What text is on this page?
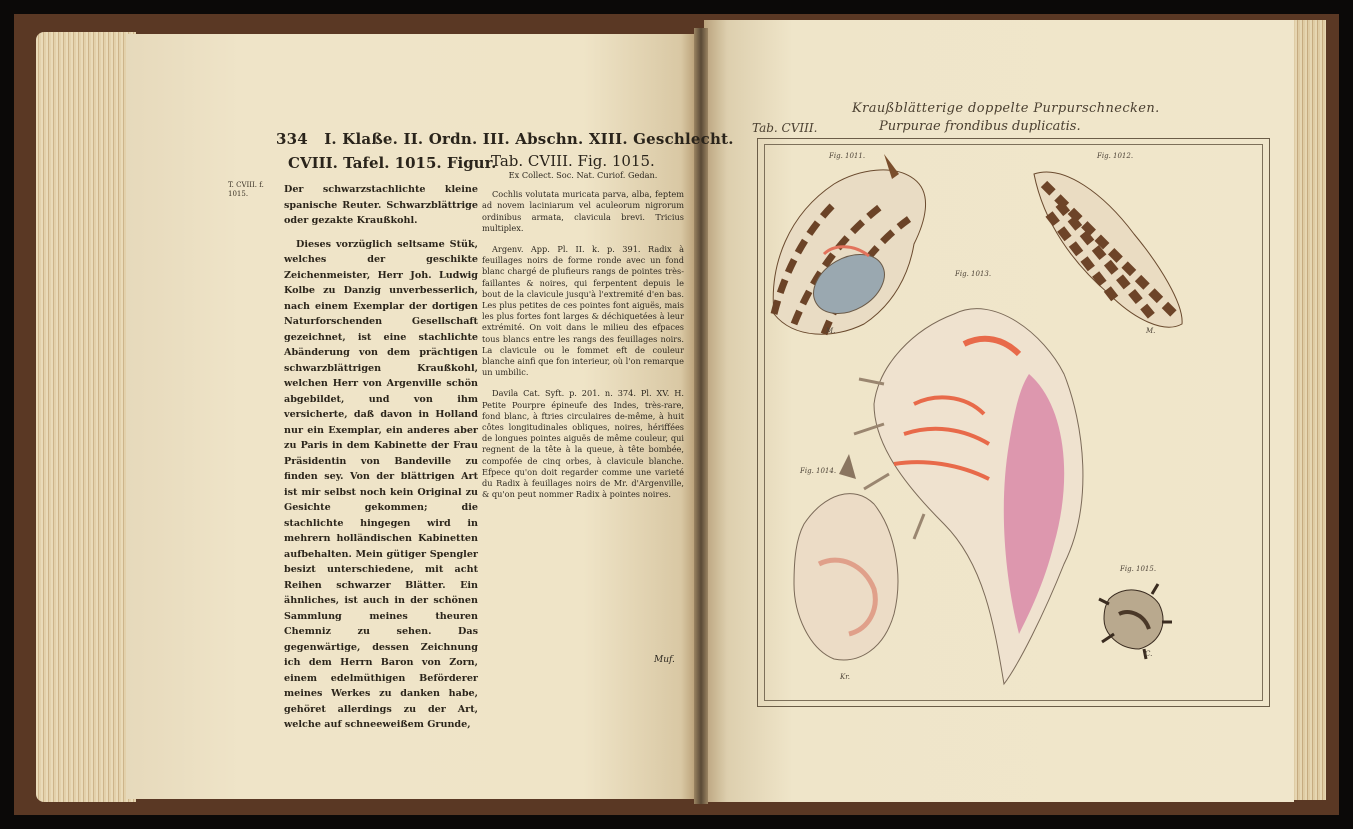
334 I. Klaße. II. Ordn. III. Abschn. XIII. Geschlecht.
CVIII. Tafel. 1015. Figur.
T. CVIII. f. 1015.	Der schwarzstachlichte kleine spanische Reuter. Schwarzblättrige oder gezakte Kraußkohl.

Dieses vorzüglich seltsame Stük, welches der geschikte Zeichenmeister, Herr Joh. Ludwig Kolbe zu Danzig unverbesserlich, nach einem Exemplar der dortigen Naturforschenden Gesellschaft gezeichnet, ist eine stachlichte Abänderung von dem prächtigen schwarzblättrigen Kraußkohl, welchen Herr von Argenville schön abgebildet, und von ihm versicherte, daß davon in Holland nur ein Exemplar, ein anderes aber zu Paris in dem Kabinette der Frau Präsidentin von Bandeville zu finden sey. Von der blättrigen Art ist mir selbst noch kein Original zu Gesichte gekommen; die stachlichte hingegen wird in mehrern holländischen Kabinetten aufbehalten. Mein gütiger Spengler besizt unterschiedene, mit acht Reihen schwarzer Blätter. Ein ähnliches, ist auch in der schönen Sammlung meines theuren Chemniz zu sehen. Das gegenwärtige, dessen Zeichnung ich dem Herrn Baron von Zorn, einem edelmüthigen Beförderer meines Werkes zu danken habe, gehöret allerdings zu der Art, welche auf schneeweißem Grunde,

Tab. CVIII. Fig. 1015.

Ex Collect. Soc. Nat. Curiof. Gedan.

Cochlis volutata muricata parva, alba, feptem ad novem laciniarum vel aculeorum nigrorum ordinibus armata, clavicula brevi. Tricius multiplex.

Argenv. App. Pl. II. k. p. 391. Radix à feuillages noirs de forme ronde avec un fond blanc chargé de plufieurs rangs de pointes très-faillantes & noires, qui ferpentent depuis le bout de la clavicule jusqu'à l'extremité d'en bas. Les plus petites de ces pointes font aiguës, mais les plus fortes font larges & déchiquetées à leur extrémité. On voit dans le milieu des efpaces tous blancs entre les rangs des feuillages noirs. La clavicule ou le fommet eft de couleur blanche ainfi que fon interieur, où l'on remarque un umbilic.

Davila Cat. Syft. p. 201. n. 374. Pl. XV. H. Petite Pourpre épineufe des Indes, très-rare, fond blanc, à ftries circulaires de-même, à huit côtes longitudinales obliques, noires, hériffées de longues pointes aiguës de même couleur, qui regnent de la tête à la queue, à tête bombée, compofée de cinq orbes, à clavicule blanche. Efpece qu'on doit regarder comme une varieté du Radix à feuillages noirs de Mr. d'Argenville, & qu'on peut nommer Radix à pointes noires.

Muf.
Kraußblätterige doppelte Purpurschnecken.
Tab. CVIII.	Purpurae frondibus duplicatis.
Fig. 1011.	Fig. 1012.
Fig. 1013.
Fig. 1014.
Fig. 1015.
M.	M.
Kr.
C.
